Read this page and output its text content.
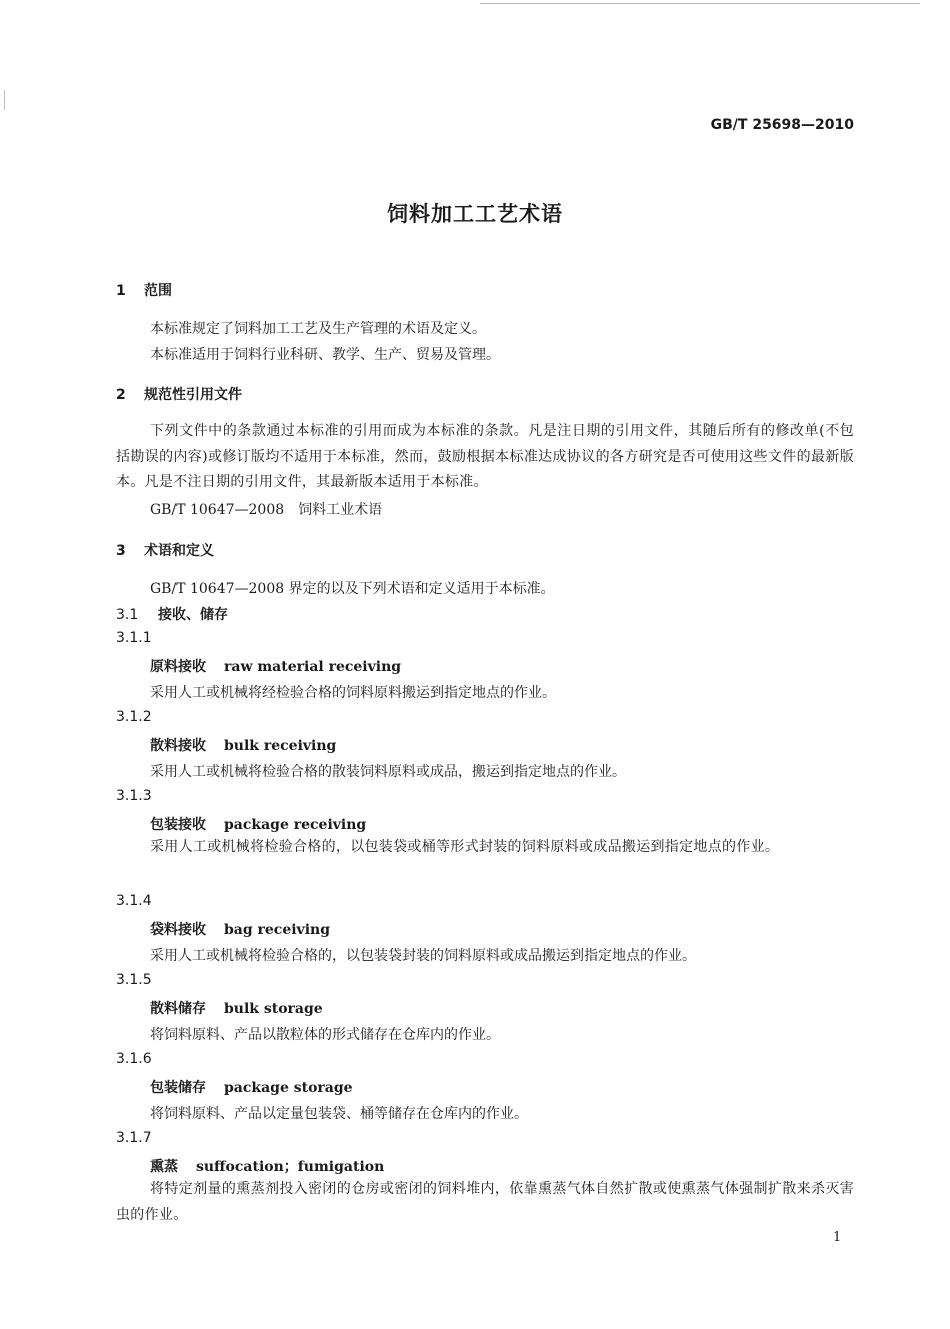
GB/T 25698—2010
饲料加工工艺术语
1 范围
本标准规定了饲料加工工艺及生产管理的术语及定义。
本标准适用于饲料行业科研、教学、生产、贸易及管理。
2 规范性引用文件
下列文件中的条款通过本标准的引用而成为本标准的条款。凡是注日期的引用文件，其随后所有的修改单(不包括勘误的内容)或修订版均不适用于本标准，然而，鼓励根据本标准达成协议的各方研究是否可使用这些文件的最新版本。凡是不注日期的引用文件，其最新版本适用于本标准。
GB/T 10647—2008　饲料工业术语
3 术语和定义
GB/T 10647—2008 界定的以及下列术语和定义适用于本标准。
3.1 接收、储存
3.1.1
原料接收 raw material receiving
采用人工或机械将经检验合格的饲料原料搬运到指定地点的作业。
3.1.2
散料接收 bulk receiving
采用人工或机械将检验合格的散装饲料原料或成品，搬运到指定地点的作业。
3.1.3
包装接收 package receiving
采用人工或机械将检验合格的，以包装袋或桶等形式封装的饲料原料或成品搬运到指定地点的作业。
3.1.4
袋料接收 bag receiving
采用人工或机械将检验合格的，以包装袋封装的饲料原料或成品搬运到指定地点的作业。
3.1.5
散料储存 bulk storage
将饲料原料、产品以散粒体的形式储存在仓库内的作业。
3.1.6
包装储存 package storage
将饲料原料、产品以定量包装袋、桶等储存在仓库内的作业。
3.1.7
熏蒸 suffocation；fumigation
将特定剂量的熏蒸剂投入密闭的仓房或密闭的饲料堆内，依靠熏蒸气体自然扩散或使熏蒸气体强制扩散来杀灭害虫的作业。
1
